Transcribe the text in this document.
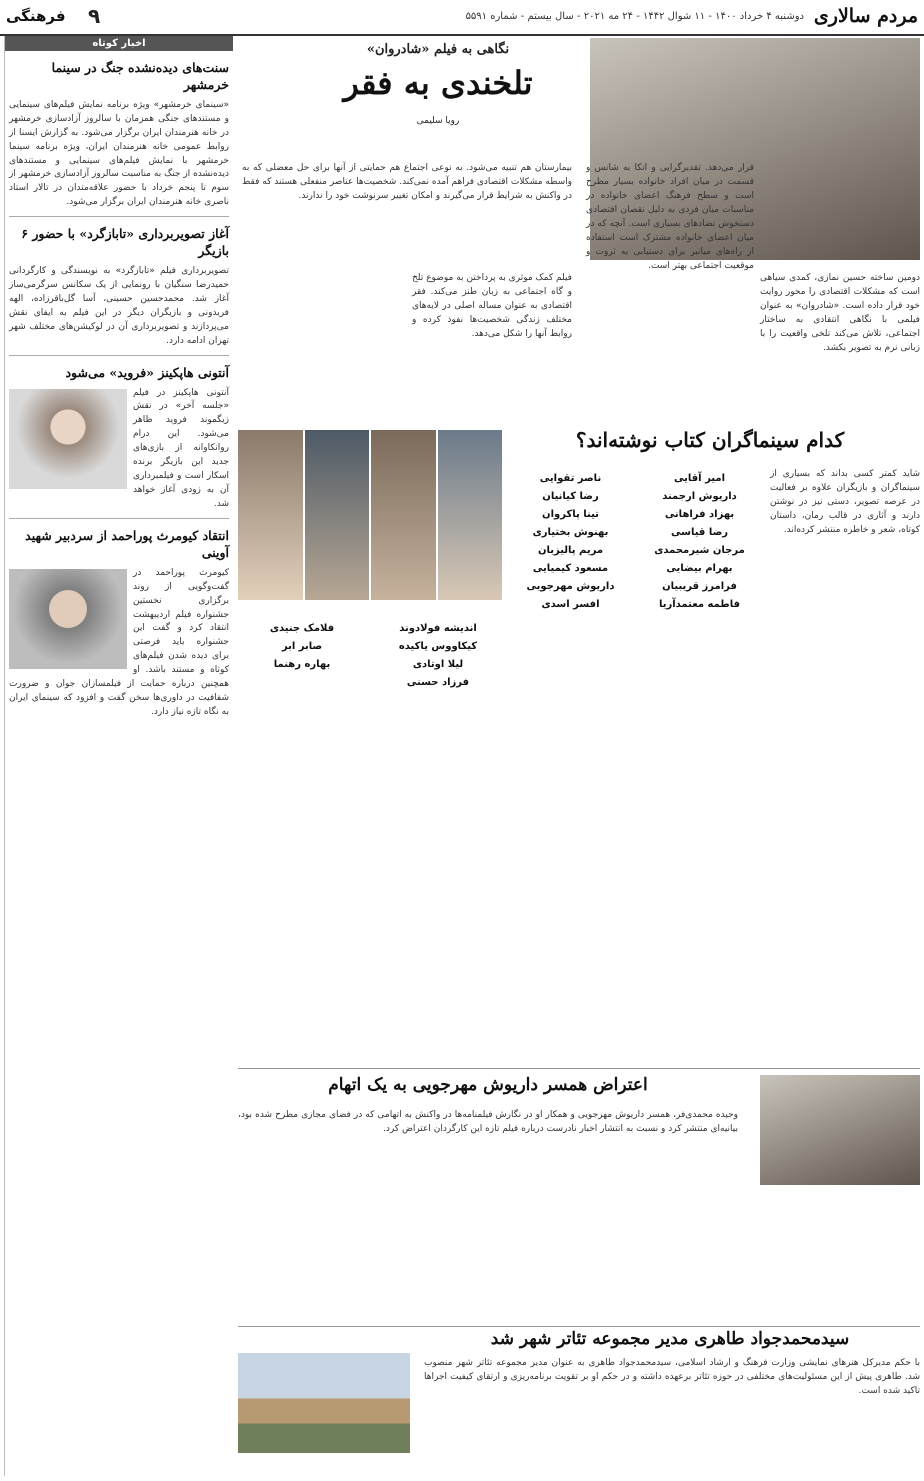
مردم سالاری
دوشنبه ۴ خرداد ۱۴۰۰ - ۱۱ شوال ۱۴۴۲ - ۲۴ مه ۲۰۲۱ - سال بیستم - شماره ۵۵۹۱
۹
فرهنگی
اخبار کوتاه
سنت‌های دیده‌نشده جنگ در سینما خرمشهر
«سینمای خرمشهر» ویژه برنامه نمایش فیلم‌های سینمایی و مستندهای جنگی همزمان با سالروز آزادسازی خرمشهر در خانه هنرمندان ایران برگزار می‌شود. به گزارش ایسنا از روابط عمومی خانه هنرمندان ایران، ویژه برنامه سینما خرمشهر با نمایش فیلم‌های سینمایی و مستندهای دیده‌نشده از جنگ به مناسبت سالروز آزادسازی خرمشهر از سوم تا پنجم خرداد با حضور علاقه‌مندان در تالار استاد ناصری خانه هنرمندان ایران برگزار می‌شود.
آغاز تصویربرداری «تابازگرد» با حضور ۶ بازیگر
تصویربرداری فیلم «تابازگرد» به نویسندگی و کارگردانی حمیدرضا سنگیان با رونمایی از یک سکانس سرگرمی‌ساز آغاز شد. محمدحسین حسینی، آسا گل‌باقرزاده، الهه فریدونی و بازیگران دیگر در این فیلم به ایفای نقش می‌پردازند و تصویربرداری آن در لوکیشن‌های مختلف شهر تهران ادامه دارد.
آنتونی هاپکینز «فروید» می‌شود
آنتونی هاپکینز در فیلم «جلسه آخر» در نقش زیگموند فروید ظاهر می‌شود. این درام روانکاوانه از بازی‌های جدید این بازیگر برنده اسکار است و فیلمبرداری آن به زودی آغاز خواهد شد.
انتقاد کیومرث پوراحمد از سردبیر شهید آوینی
کیومرث پوراحمد در گفت‌وگویی از روند برگزاری نخستین جشنواره فیلم اردیبهشت انتقاد کرد و گفت این جشنواره باید فرصتی برای دیده شدن فیلم‌های کوتاه و مستند باشد. او همچنین درباره حمایت از فیلمسازان جوان و ضرورت شفافیت در داوری‌ها سخن گفت و افزود که سینمای ایران به نگاه تازه نیاز دارد.
نگاهی به فیلم «شادروان»
تلخندی به فقر
رویا سلیمی
قرار می‌دهد. تقدیرگرایی و اتکا به شانس و قسمت در میان افراد خانواده بسیار مطرح است و سطح فرهنگ اعضای خانواده در مناسبات میان فردی به دلیل نقصان اقتصادی دستخوش تضادهای بسیاری است. آنچه که در میان اعضای خانواده مشترک است استفاده از راه‌های میانبر برای دستیابی به ثروت و موقعیت اجتماعی بهتر است.
بیمارستان هم تنبیه می‌شود. به نوعی اجتماع هم حمایتی از آنها برای حل معضلی که به واسطه مشکلات اقتصادی فراهم آمده نمی‌کند. شخصیت‌ها عناصر منفعلی هستند که فقط در واکنش به شرایط قرار می‌گیرند و امکان تغییر سرنوشت خود را ندارند.
فیلم کمک موثری به پرداختن به موضوع تلخ و گاه اجتماعی به زبان طنز می‌کند. فقر اقتصادی به عنوان مساله اصلی در لایه‌های مختلف زندگی شخصیت‌ها نفوذ کرده و روابط آنها را شکل می‌دهد.
دومین ساخته حسین نمازی، کمدی سیاهی است که مشکلات اقتصادی را محور روایت خود قرار داده است. «شادروان» به عنوان فیلمی با نگاهی انتقادی به ساختار اجتماعی، تلاش می‌کند تلخی واقعیت را با زبانی نرم به تصویر بکشد.
کدام سینماگران کتاب نوشته‌اند؟
شاید کمتر کسی بداند که بسیاری از سینماگران و بازیگران علاوه بر فعالیت در عرصه تصویر، دستی نیز در نوشتن دارند و آثاری در قالب رمان، داستان کوتاه، شعر و خاطره منتشر کرده‌اند.
امیر آقایی
ناصر تقوایی
داریوش ارجمند
رضا کیانیان
بهزاد فراهانی
تینا پاکروان
رضا قیاسی
بهنوش بختیاری
مرجان شیرمحمدی
مریم پالیزبان
بهرام بیضایی
مسعود کیمیایی
فرامرز قریبیان
داریوش مهرجویی
فاطمه معتمدآریا
افسر اسدی
اندیشه فولادوند
فلامک جنیدی
کیکاووس یاکیده
صابر ابر
لیلا اوتادی
بهاره رهنما
فرزاد حسنی
اعتراض همسر داریوش مهرجویی به یک اتهام
وحیده محمدی‌فر، همسر داریوش مهرجویی و همکار او در نگارش فیلمنامه‌ها در واکنش به اتهامی که در فضای مجازی مطرح شده بود، بیانیه‌ای منتشر کرد و نسبت به انتشار اخبار نادرست درباره فیلم تازه این کارگردان اعتراض کرد.
سیدمحمدجواد طاهری مدیر مجموعه تئاتر شهر شد
با حکم مدیرکل هنرهای نمایشی وزارت فرهنگ و ارشاد اسلامی، سیدمحمدجواد طاهری به عنوان مدیر مجموعه تئاتر شهر منصوب شد. طاهری پیش از این مسئولیت‌های مختلفی در حوزه تئاتر برعهده داشته و در حکم او بر تقویت برنامه‌ریزی و ارتقای کیفیت اجراها تاکید شده است.
